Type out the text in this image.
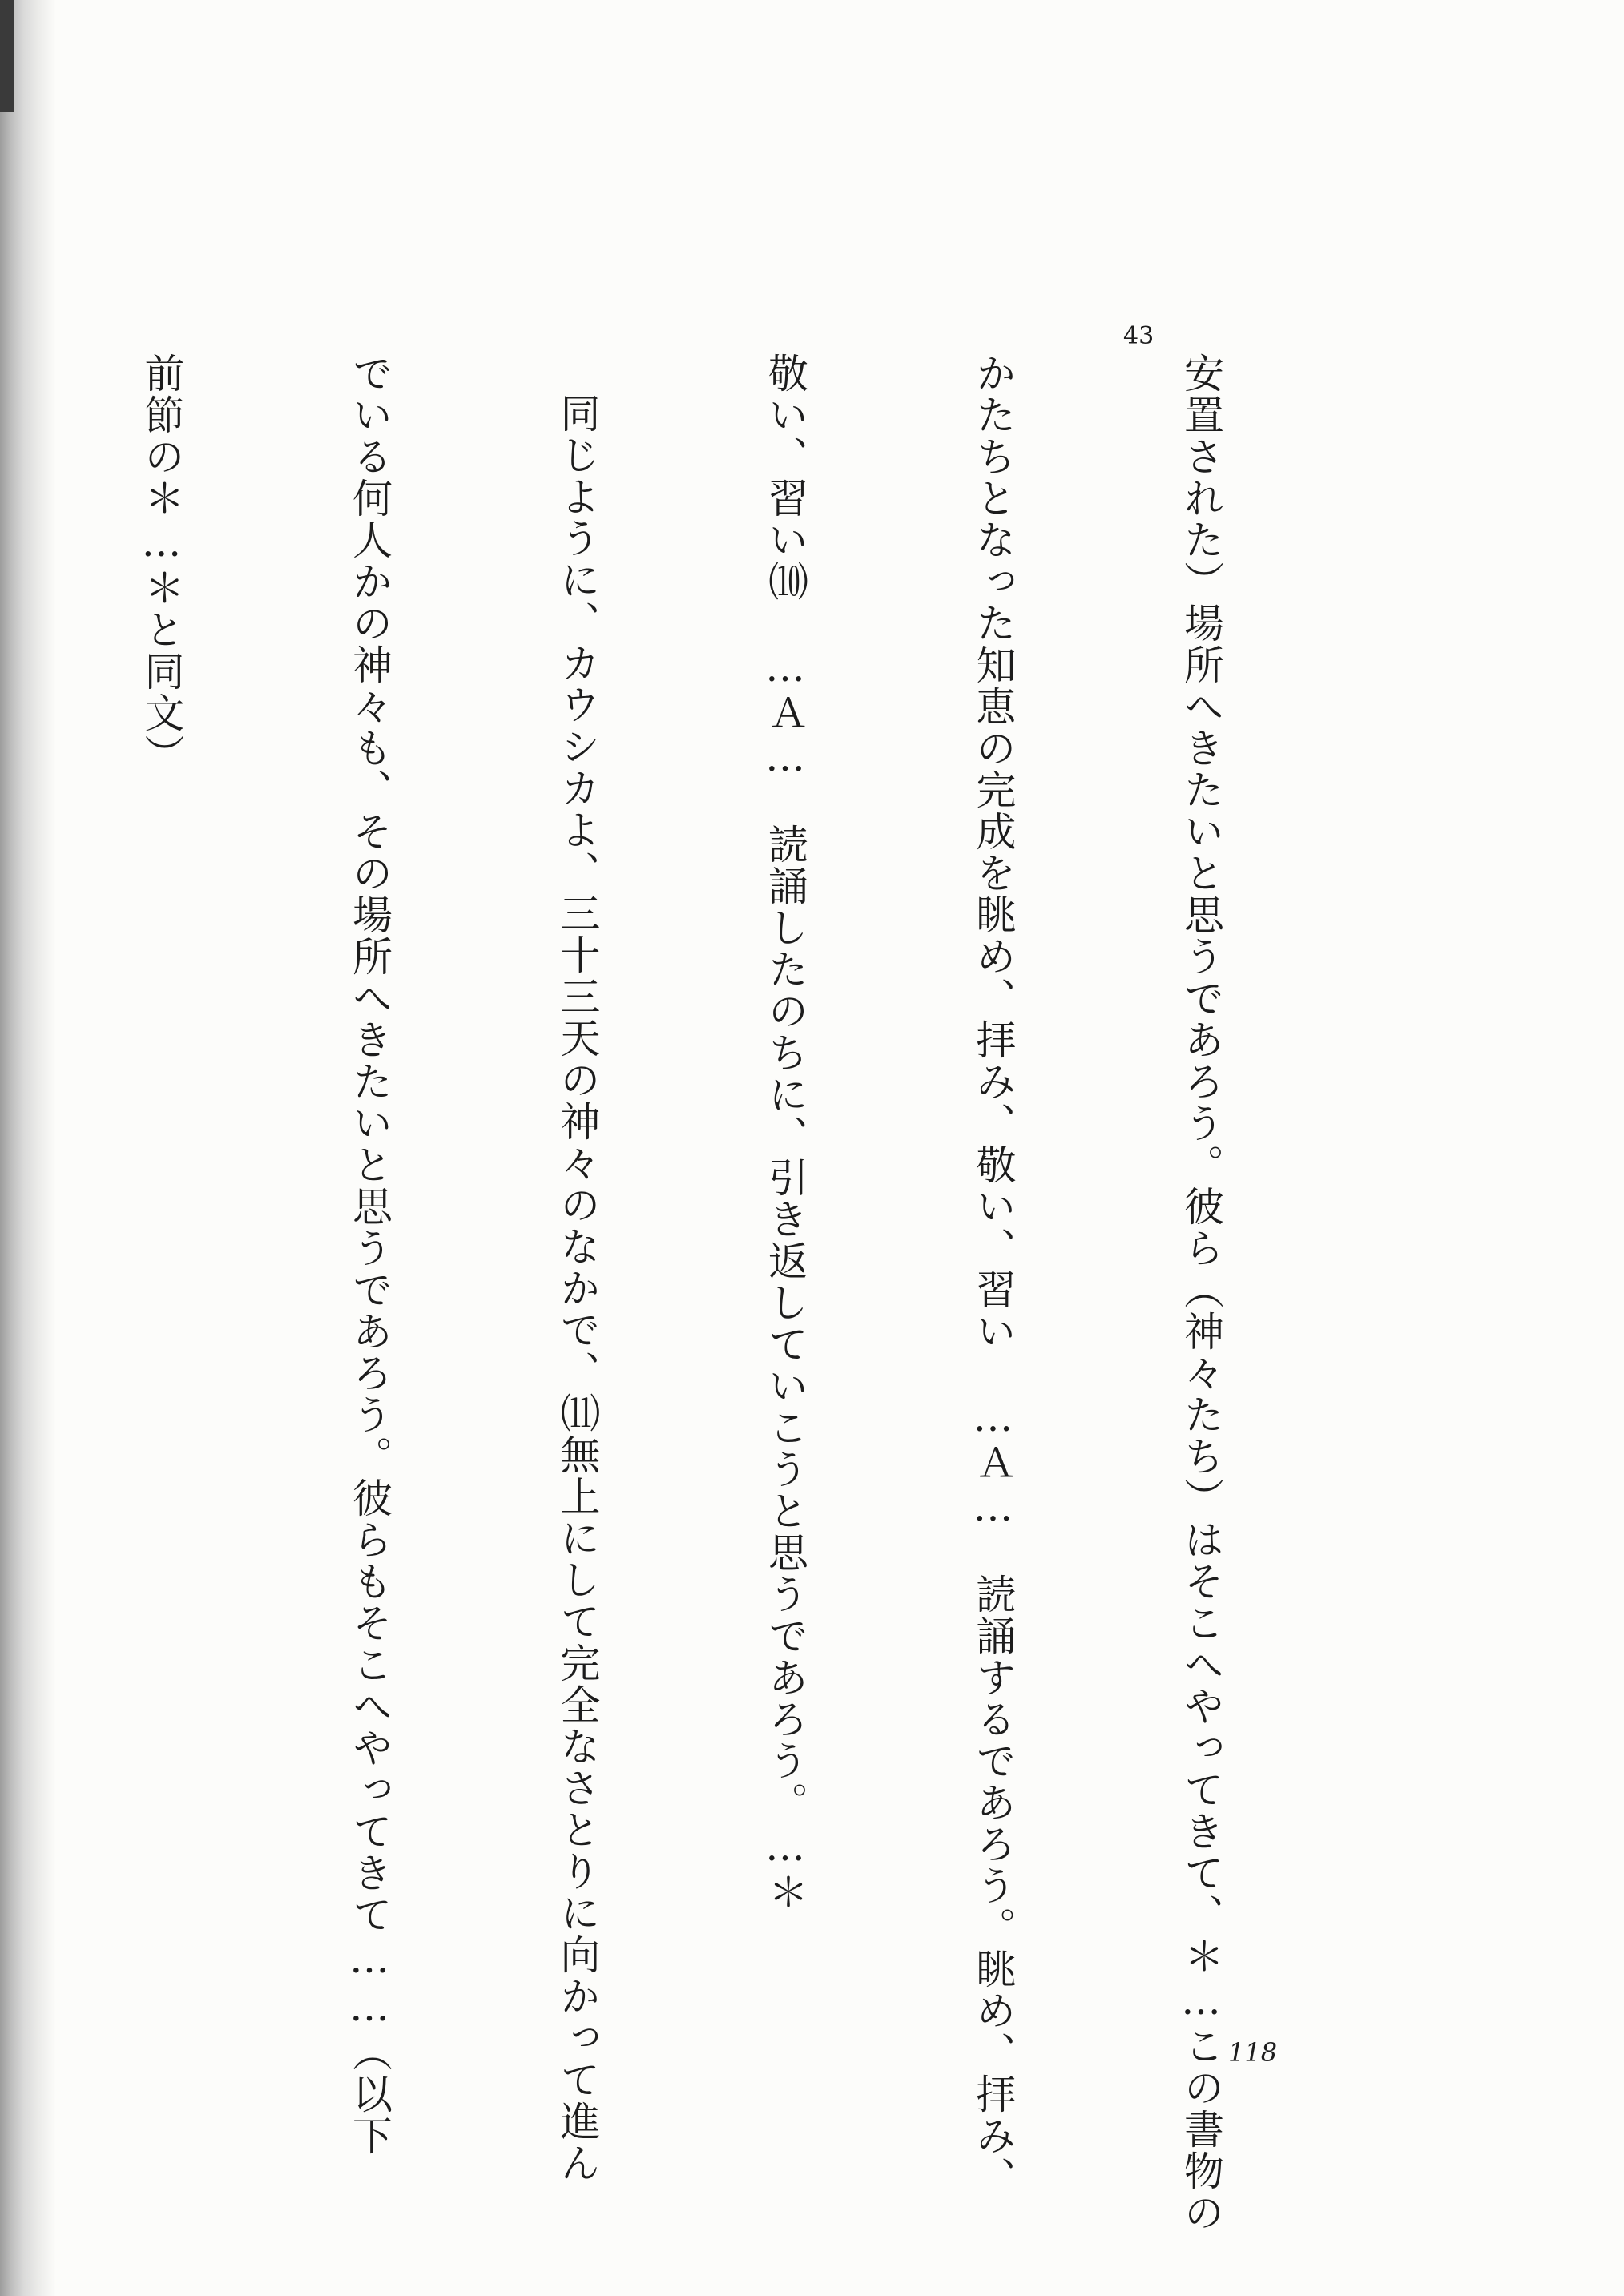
43

安置された）場所へきたいと思うであろう。彼ら（神々たち）はそこへやってきて、＊…この書物の

かたちとなった知恵の完成を眺め、拝み、敬い、習い　…Ａ…　読誦するであろう。眺め、拝み、

敬い、習い⑽　…Ａ…　読誦したのちに、引き返していこうと思うであろう。…＊

同じように、カウシカよ、三十三天の神々のなかで、⑾無上にして完全なさとりに向かって進ん

でいる何人かの神々も、その場所へきたいと思うであろう。彼らもそこへやってきて……（以下

前節の＊…＊と同文）

118
